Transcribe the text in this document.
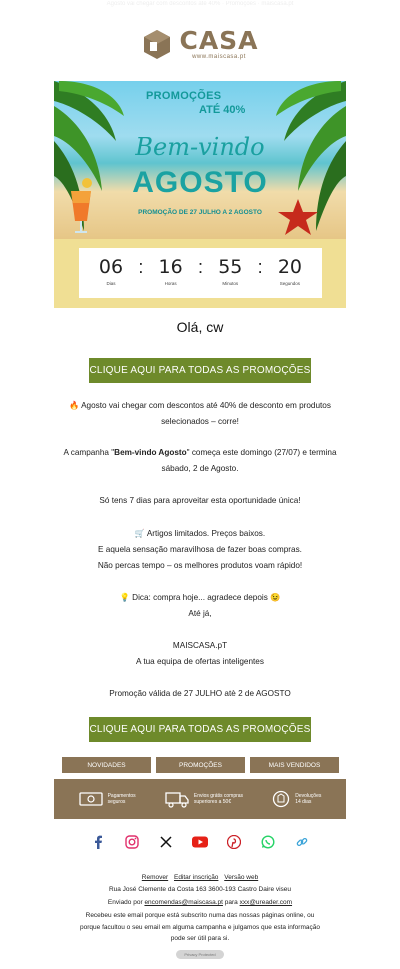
Agosto vai chegar com descontos até 40% · Promoções · maiscasa.pt
CASA
www.maiscasa.pt
PROMOÇÕES
ATÉ 40%
Bem-vindo
AGOSTO
PROMOÇÃO DE 27 JULHO A 2 AGOSTO
06
Dias
: 16
Horas
: 55
Minutos
: 20
Segundos
Olá, cw
CLIQUE AQUI PARA TODAS AS PROMOÇÕES
🔥 Agosto vai chegar com descontos até 40% de desconto em produtos
selecionados – corre!
A campanha "Bem-vindo Agosto" começa este domingo (27/07) e termina
sábado, 2 de Agosto.
Só tens 7 dias para aproveitar esta oportunidade única!
🛒 Artigos limitados. Preços baixos.
E aquela sensação maravilhosa de fazer boas compras.
Não percas tempo – os melhores produtos voam rápido!
💡 Dica: compra hoje... agradece depois 😉
Até já,
MAISCASA.pT
A tua equipa de ofertas inteligentes
Promoção válida de 27 JULHO atè 2 de AGOSTO
CLIQUE AQUI PARA TODAS AS PROMOÇÕES
NOVIDADES	PROMOÇÕES	MAIS VENDIDOS
Pagamentos
seguros
Envios grátis compras
superiores a 50€
Devoluções
14 dias
Remover Editar inscrição Versão web
Rua José Clemente da Costa 163 3600-193 Castro Daire viseu
Enviado por encomendas@maiscasa.pt para xxx@ureader.com
Recebeu este email porque está subscrito numa das nossas páginas online, ou
porque facultou o seu email em alguma campanha e julgamos que esta informação
pode ser útil para si.
Privacy Protected
